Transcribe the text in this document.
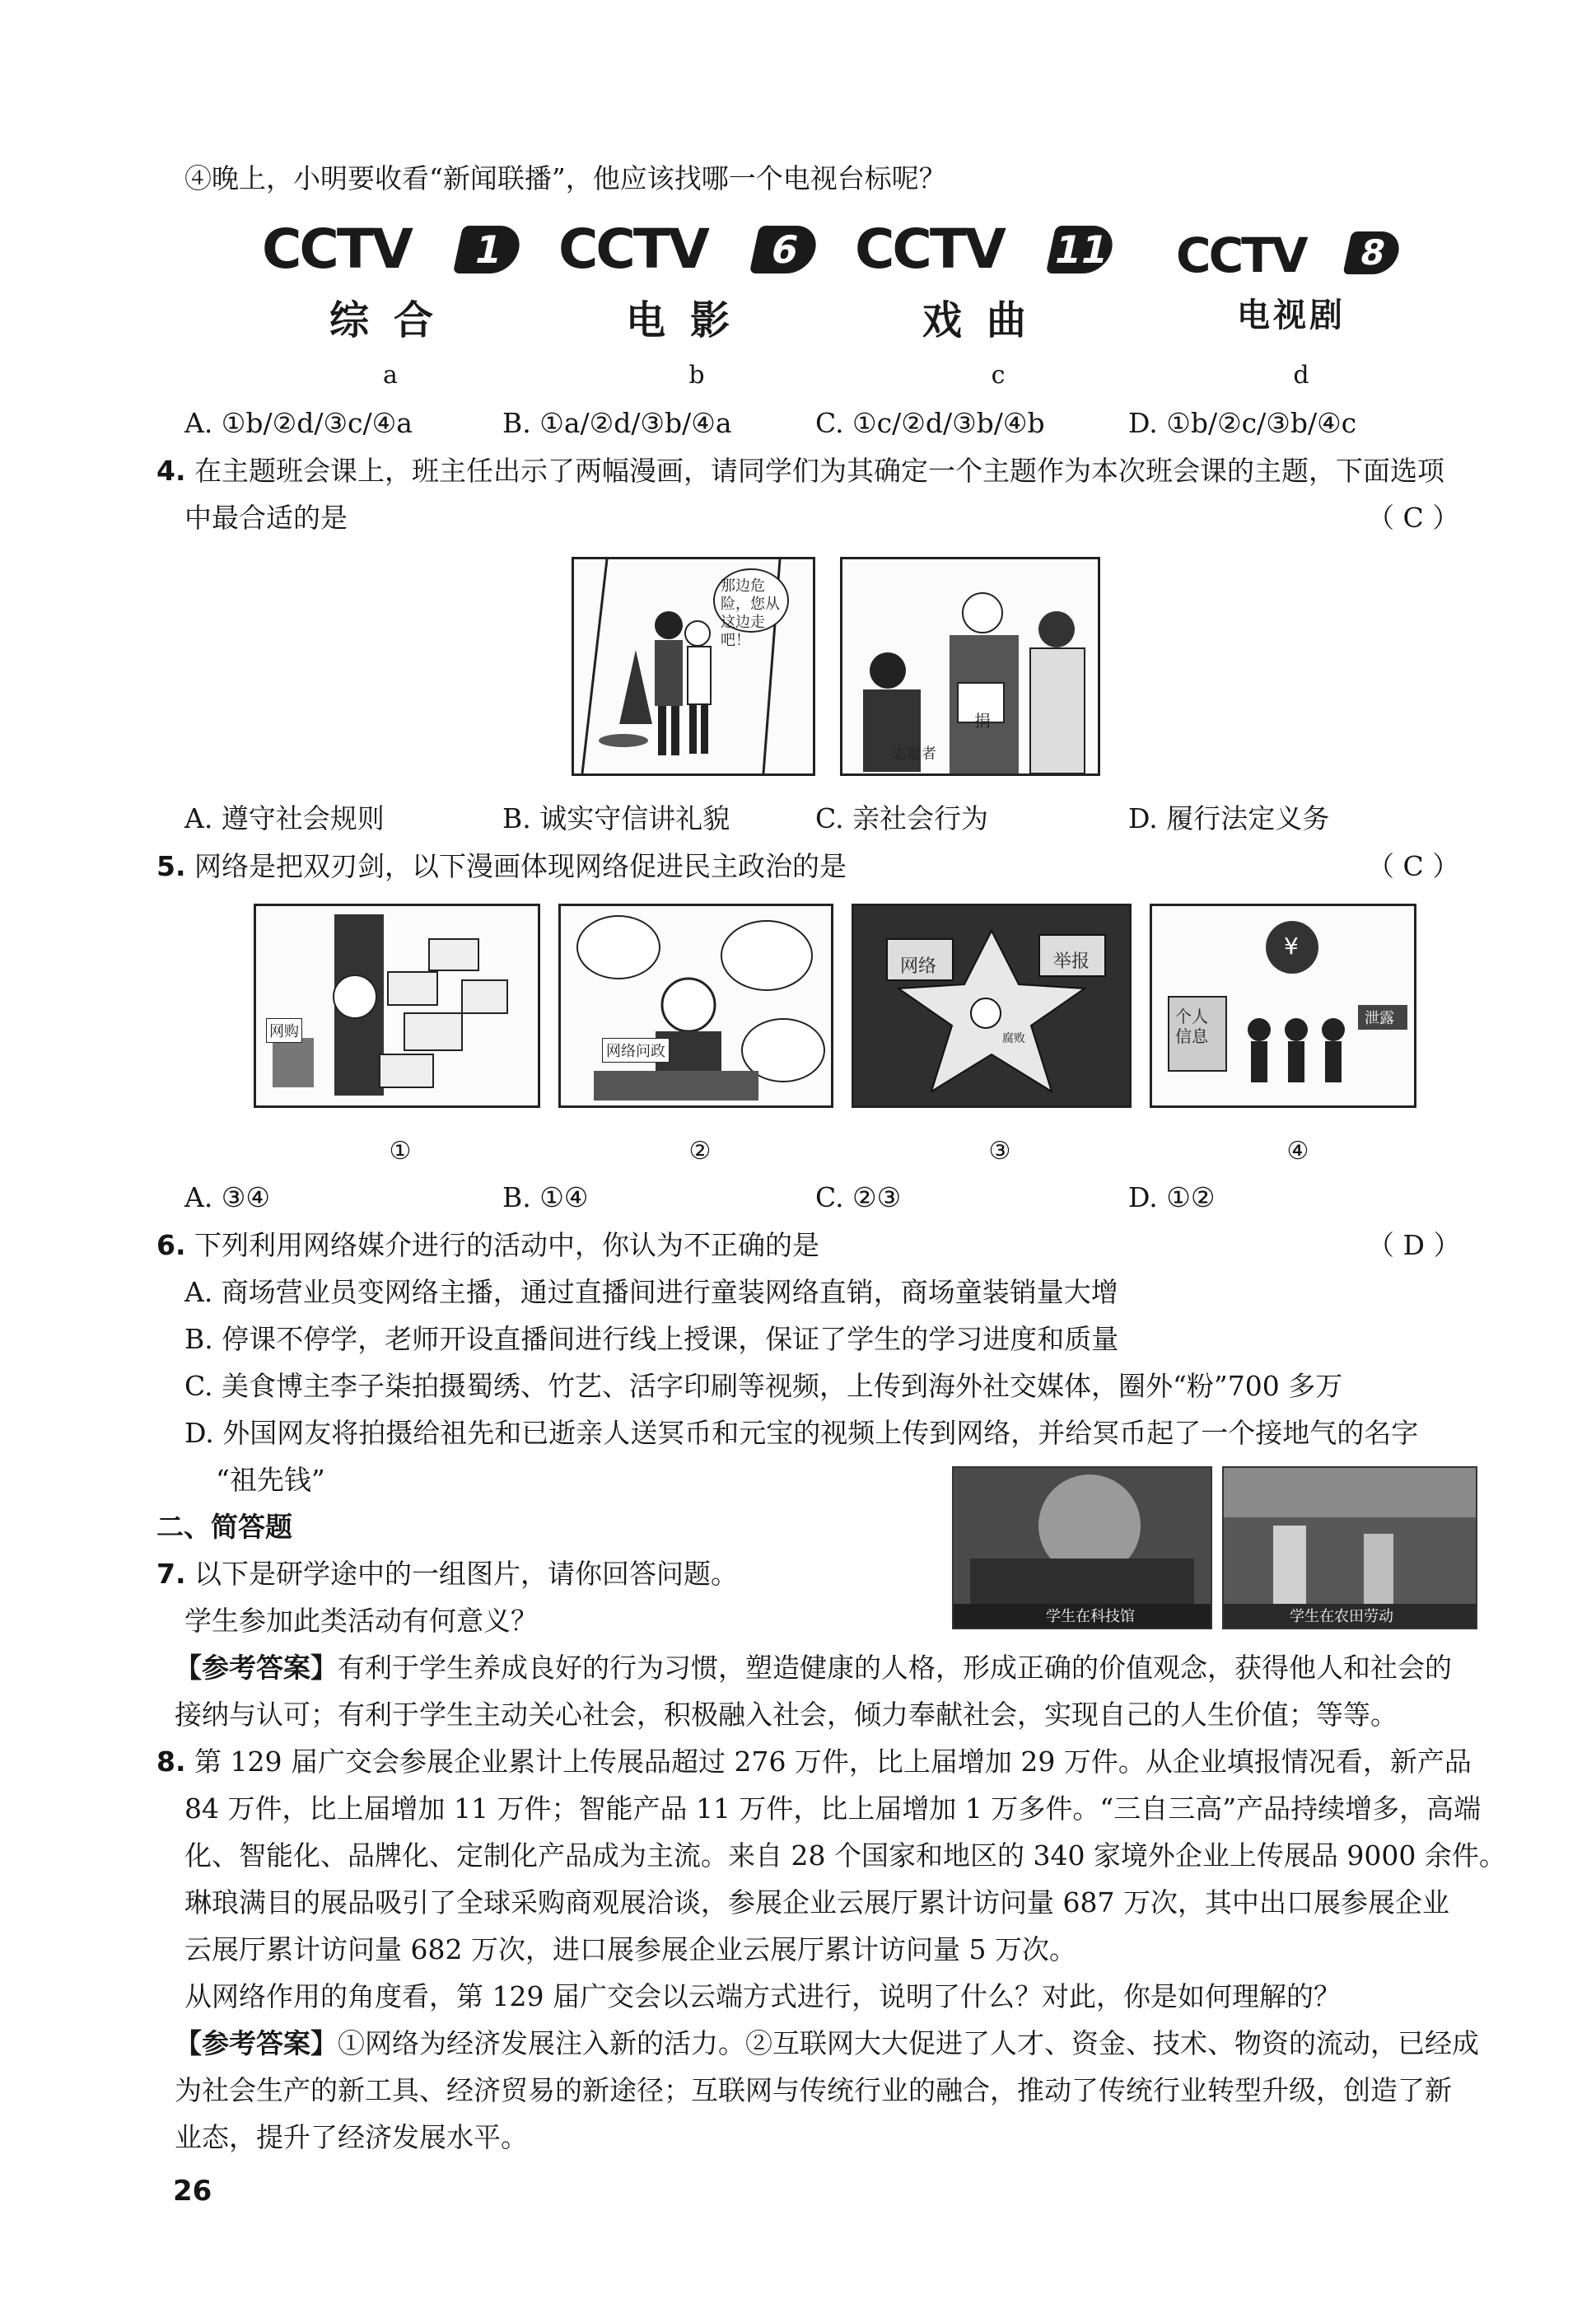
④晚上，小明要收看“新闻联播”，他应该找哪一个电视台标呢？
CCTV	1
综合
CCTV	6
电影
CCTV 11
戏曲
CCTV	8
电视剧
a	b	c	d
A. ①b/②d/③c/④a	B. ①a/②d/③b/④a	C. ①c/②d/③b/④b	D. ①b/②c/③b/④c
4. 在主题班会课上，班主任出示了两幅漫画，请同学们为其确定一个主题作为本次班会课的主题，下面选项
中最合适的是	（ C ）
那边危险，您从这边走吧！
志愿者
捐
A. 遵守社会规则	B. 诚实守信讲礼貌	C. 亲社会行为	D. 履行法定义务
5. 网络是把双刃剑，以下漫画体现网络促进民主政治的是	（ C ）
网购
网络问政
网络	举报
腐败
个人信息
泄露
¥
①	②	③	④
A. ③④	B. ①④	C. ②③	D. ①②
6. 下列利用网络媒介进行的活动中，你认为不正确的是	（ D ）
A. 商场营业员变网络主播，通过直播间进行童装网络直销，商场童装销量大增
B. 停课不停学，老师开设直播间进行线上授课，保证了学生的学习进度和质量
C. 美食博主李子柒拍摄蜀绣、竹艺、活字印刷等视频，上传到海外社交媒体，圈外“粉”700 多万
D. 外国网友将拍摄给祖先和已逝亲人送冥币和元宝的视频上传到网络，并给冥币起了一个接地气的名字
“祖先钱”
二、简答题
学生在科技馆	学生在农田劳动
7. 以下是研学途中的一组图片，请你回答问题。
学生参加此类活动有何意义？
【参考答案】有利于学生养成良好的行为习惯，塑造健康的人格，形成正确的价值观念，获得他人和社会的
接纳与认可；有利于学生主动关心社会，积极融入社会，倾力奉献社会，实现自己的人生价值；等等。
8. 第 129 届广交会参展企业累计上传展品超过 276 万件，比上届增加 29 万件。从企业填报情况看，新产品
84 万件，比上届增加 11 万件；智能产品 11 万件，比上届增加 1 万多件。“三自三高”产品持续增多，高端
化、智能化、品牌化、定制化产品成为主流。来自 28 个国家和地区的 340 家境外企业上传展品 9000 余件。
琳琅满目的展品吸引了全球采购商观展洽谈，参展企业云展厅累计访问量 687 万次，其中出口展参展企业
云展厅累计访问量 682 万次，进口展参展企业云展厅累计访问量 5 万次。
从网络作用的角度看，第 129 届广交会以云端方式进行，说明了什么？对此，你是如何理解的？
【参考答案】①网络为经济发展注入新的活力。②互联网大大促进了人才、资金、技术、物资的流动，已经成
为社会生产的新工具、经济贸易的新途径；互联网与传统行业的融合，推动了传统行业转型升级，创造了新
业态，提升了经济发展水平。
26
